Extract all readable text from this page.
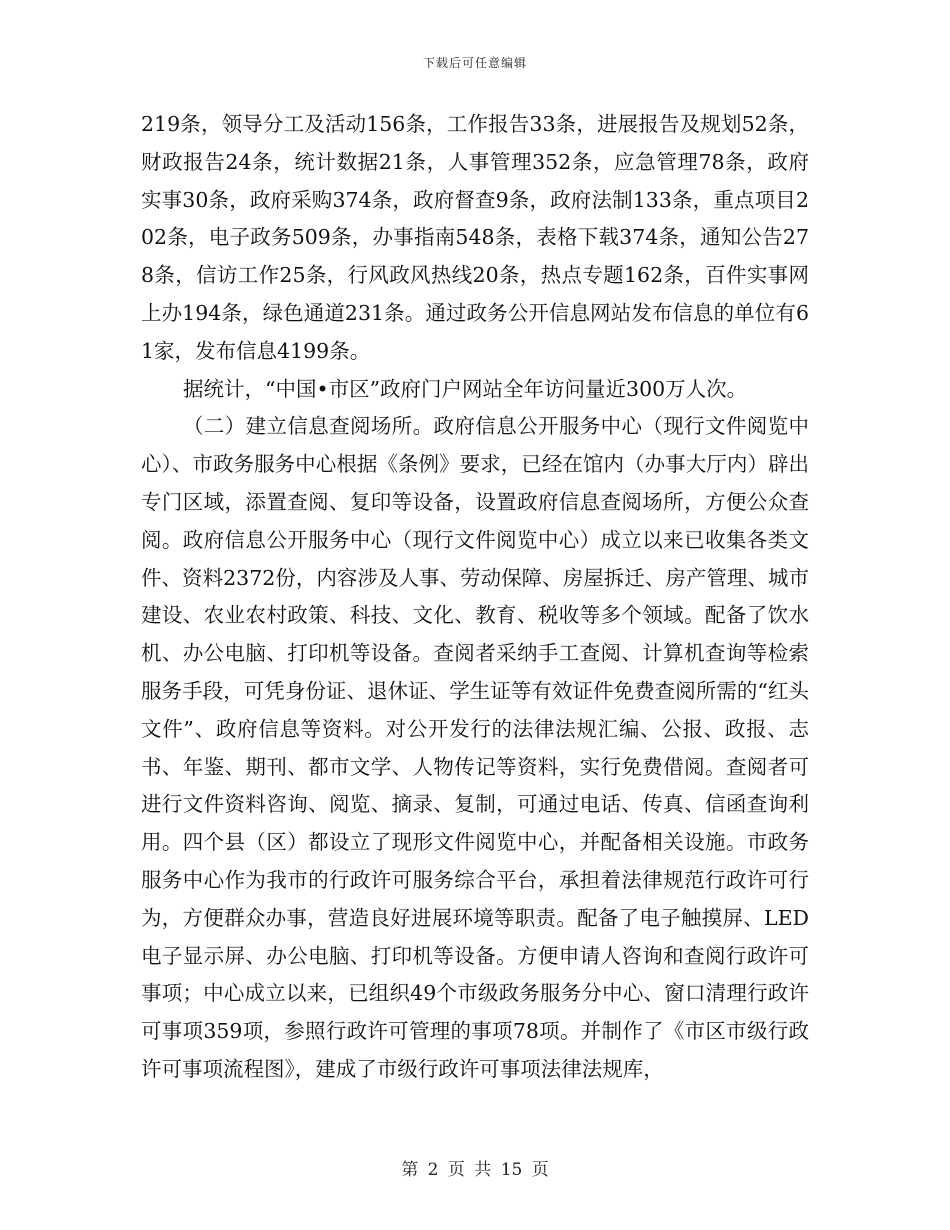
下载后可任意编辑

219条，领导分工及活动156条，工作报告33条，进展报告及规划52条，财政报告24条，统计数据21条，人事管理352条，应急管理78条，政府实事30条，政府采购374条，政府督查9条，政府法制133条，重点项目202条，电子政务509条，办事指南548条，表格下载374条，通知公告278条，信访工作25条，行风政风热线20条，热点专题162条，百件实事网上办194条，绿色通道231条。通过政务公开信息网站发布信息的单位有61家，发布信息4199条。

据统计，“中国•市区”政府门户网站全年访问量近300万人次。

（二）建立信息查阅场所。政府信息公开服务中心（现行文件阅览中心）、市政务服务中心根据《条例》要求，已经在馆内（办事大厅内）辟出专门区域，添置查阅、复印等设备，设置政府信息查阅场所，方便公众查阅。政府信息公开服务中心（现行文件阅览中心）成立以来已收集各类文件、资料2372份，内容涉及人事、劳动保障、房屋拆迁、房产管理、城市建设、农业农村政策、科技、文化、教育、税收等多个领域。配备了饮水机、办公电脑、打印机等设备。查阅者采纳手工查阅、计算机查询等检索服务手段，可凭身份证、退休证、学生证等有效证件免费查阅所需的“红头文件”、政府信息等资料。对公开发行的法律法规汇编、公报、政报、志书、年鉴、期刊、都市文学、人物传记等资料，实行免费借阅。查阅者可进行文件资料咨询、阅览、摘录、复制，可通过电话、传真、信函查询利用。四个县（区）都设立了现形文件阅览中心，并配备相关设施。市政务服务中心作为我市的行政许可服务综合平台，承担着法律规范行政许可行为，方便群众办事，营造良好进展环境等职责。配备了电子触摸屏、LED电子显示屏、办公电脑、打印机等设备。方便申请人咨询和查阅行政许可事项；中心成立以来，已组织49个市级政务服务分中心、窗口清理行政许可事项359项，参照行政许可管理的事项78项。并制作了《市区市级行政许可事项流程图》，建成了市级行政许可事项法律法规库，

第 2 页 共 15 页
